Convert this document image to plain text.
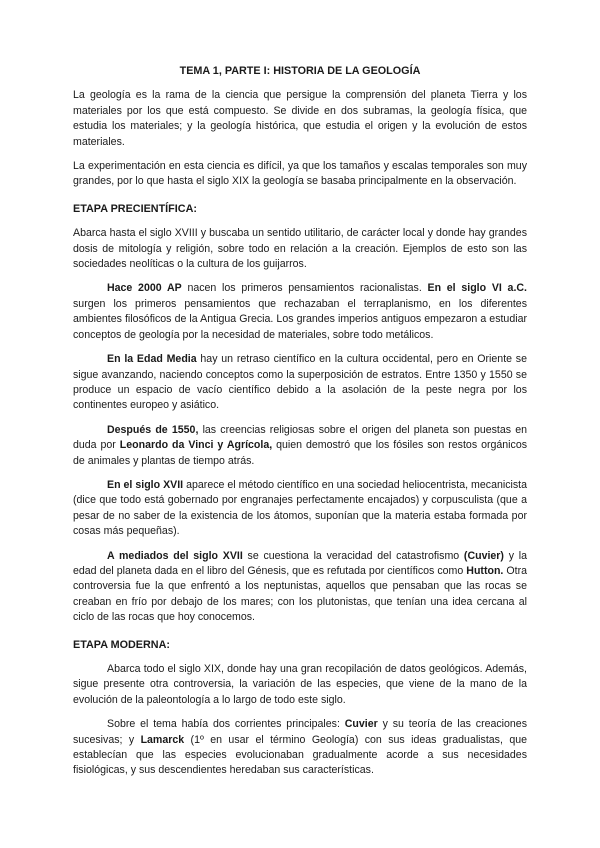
TEMA 1, PARTE I: HISTORIA DE LA GEOLOGÍA

La geología es la rama de la ciencia que persigue la comprensión del planeta Tierra y los materiales por los que está compuesto. Se divide en dos subramas, la geología física, que estudia los materiales; y la geología histórica, que estudia el origen y la evolución de estos materiales.

La experimentación en esta ciencia es difícil, ya que los tamaños y escalas temporales son muy grandes, por lo que hasta el siglo XIX la geología se basaba principalmente en la observación.

ETAPA PRECIENTÍFICA:

Abarca hasta el siglo XVIII y buscaba un sentido utilitario, de carácter local y donde hay grandes dosis de mitología y religión, sobre todo en relación a la creación. Ejemplos de esto son las sociedades neolíticas o la cultura de los guijarros.

Hace 2000 AP nacen los primeros pensamientos racionalistas. En el siglo VI a.C. surgen los primeros pensamientos que rechazaban el terraplanismo, en los diferentes ambientes filosóficos de la Antigua Grecia. Los grandes imperios antiguos empezaron a estudiar conceptos de geología por la necesidad de materiales, sobre todo metálicos.

En la Edad Media hay un retraso científico en la cultura occidental, pero en Oriente se sigue avanzando, naciendo conceptos como la superposición de estratos. Entre 1350 y 1550 se produce un espacio de vacío científico debido a la asolación de la peste negra por los continentes europeo y asiático.

Después de 1550, las creencias religiosas sobre el origen del planeta son puestas en duda por Leonardo da Vinci y Agrícola, quien demostró que los fósiles son restos orgánicos de animales y plantas de tiempo atrás.

En el siglo XVII aparece el método científico en una sociedad heliocentrista, mecanicista (dice que todo está gobernado por engranajes perfectamente encajados) y corpusculista (que a pesar de no saber de la existencia de los átomos, suponían que la materia estaba formada por cosas más pequeñas).

A mediados del siglo XVII se cuestiona la veracidad del catastrofismo (Cuvier) y la edad del planeta dada en el libro del Génesis, que es refutada por científicos como Hutton. Otra controversia fue la que enfrentó a los neptunistas, aquellos que pensaban que las rocas se creaban en frío por debajo de los mares; con los plutonistas, que tenían una idea cercana al ciclo de las rocas que hoy conocemos.

ETAPA MODERNA:

Abarca todo el siglo XIX, donde hay una gran recopilación de datos geológicos. Además, sigue presente otra controversia, la variación de las especies, que viene de la mano de la evolución de la paleontología a lo largo de todo este siglo.

Sobre el tema había dos corrientes principales: Cuvier y su teoría de las creaciones sucesivas; y Lamarck (1º en usar el término Geología) con sus ideas gradualistas, que establecían que las especies evolucionaban gradualmente acorde a sus necesidades fisiológicas, y sus descendientes heredaban sus características.
